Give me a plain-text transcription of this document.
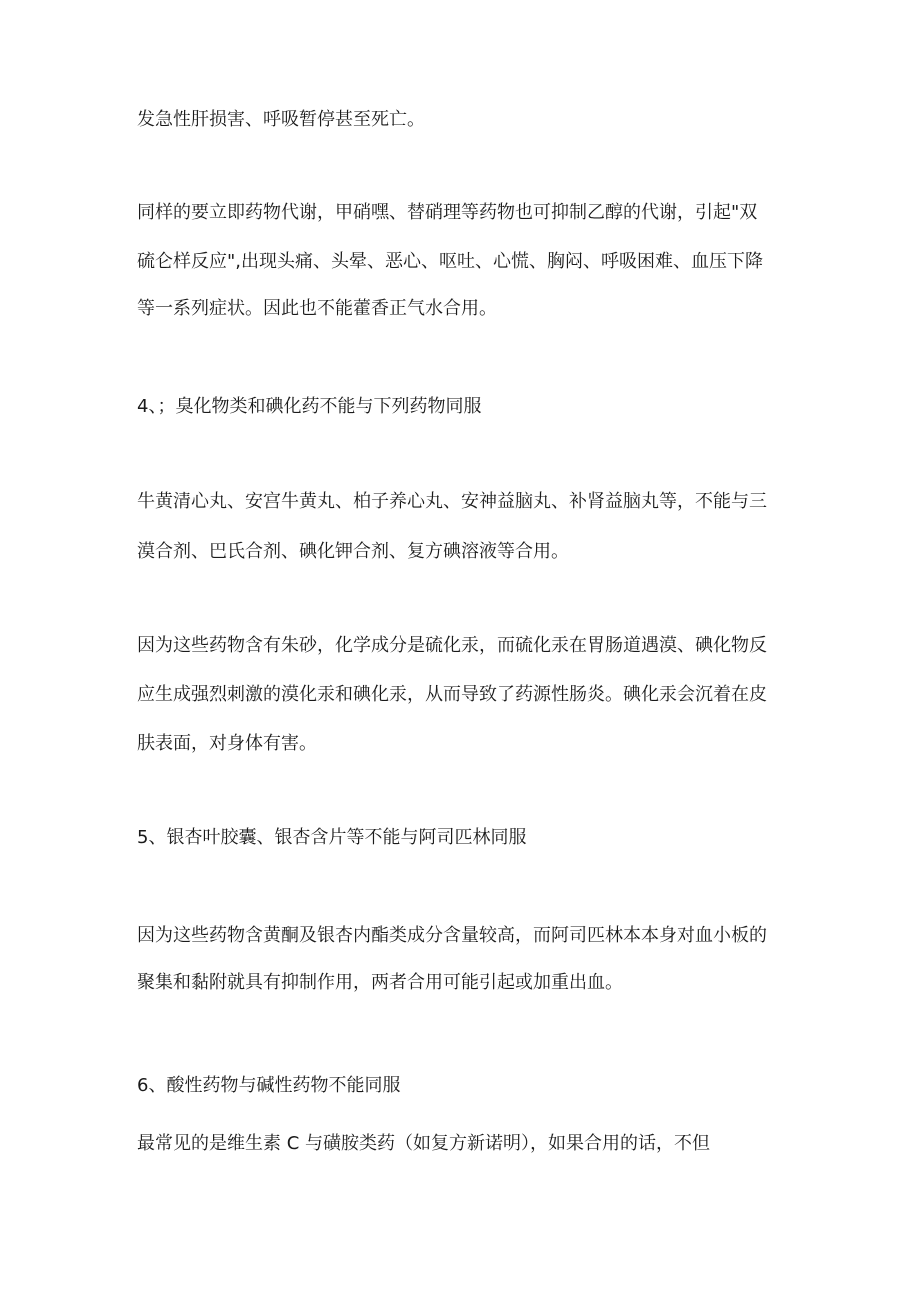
发急性肝损害、呼吸暂停甚至死亡。
同样的要立即药物代谢，甲硝嘿、替硝理等药物也可抑制乙醇的代谢，引起"双
硫仑样反应",出现头痛、头晕、恶心、呕吐、心慌、胸闷、呼吸困难、血压下降
等一系列症状。因此也不能藿香正气水合用。
4、；臭化物类和碘化药不能与下列药物同服
牛黄清心丸、安宫牛黄丸、柏子养心丸、安神益脑丸、补肾益脑丸等，不能与三
漠合剂、巴氏合剂、碘化钾合剂、复方碘溶液等合用。
因为这些药物含有朱砂，化学成分是硫化汞，而硫化汞在胃肠道遇漠、碘化物反
应生成强烈刺激的漠化汞和碘化汞，从而导致了药源性肠炎。碘化汞会沉着在皮
肤表面，对身体有害。
5、银杏叶胶囊、银杏含片等不能与阿司匹林同服
因为这些药物含黄酮及银杏内酯类成分含量较高，而阿司匹林本本身对血小板的
聚集和黏附就具有抑制作用，两者合用可能引起或加重出血。
6、酸性药物与碱性药物不能同服
最常见的是维生素 C 与磺胺类药（如复方新诺明），如果合用的话，不但
